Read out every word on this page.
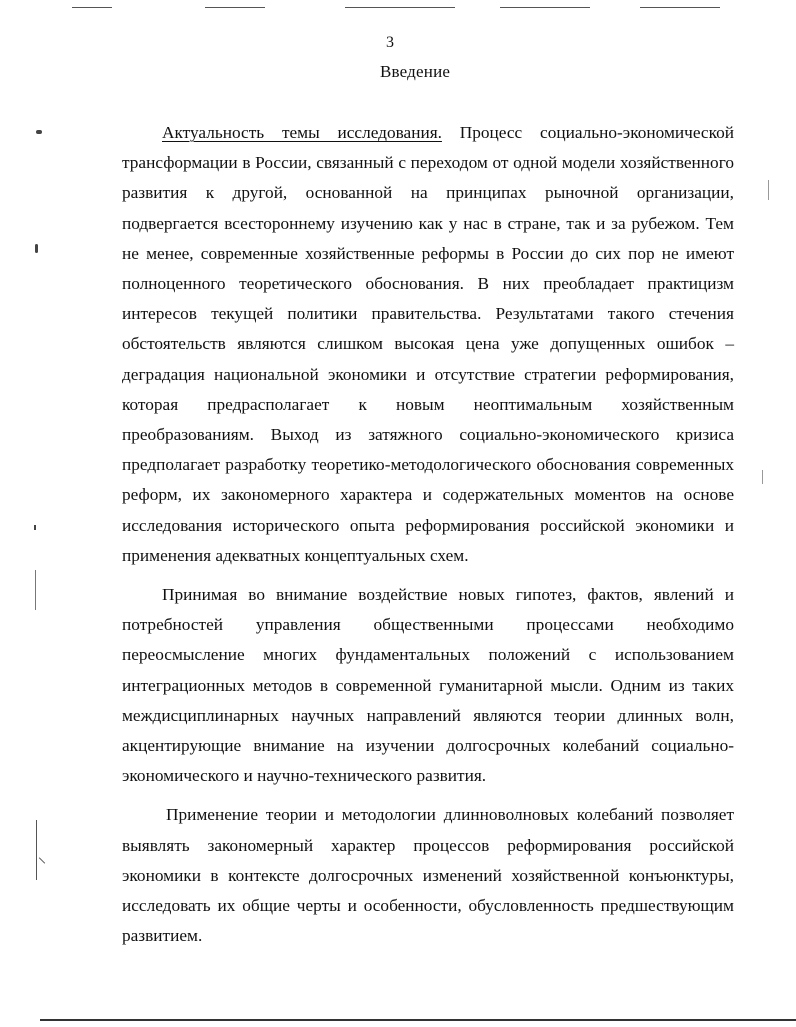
3
Введение

Актуальность темы исследования. Процесс социально-экономической трансформации в России, связанный с переходом от одной модели хозяйственного развития к другой, основанной на принципах рыночной организации, подвергается всестороннему изучению как у нас в стране, так и за рубежом. Тем не менее, современные хозяйственные реформы в России до сих пор не имеют полноценного теоретического обоснования. В них преобладает практицизм интересов текущей политики правительства. Результатами такого стечения обстоятельств являются слишком высокая цена уже допущенных ошибок – деградация национальной экономики и отсутствие стратегии реформирования, которая предрасполагает к новым неоптимальным хозяйственным преобразованиям. Выход из затяжного социально-экономического кризиса предполагает разработку теоретико-методологического обоснования современных реформ, их закономерного характера и содержательных моментов на основе исследования исторического опыта реформирования российской экономики и применения адекватных концептуальных схем.

Принимая во внимание воздействие новых гипотез, фактов, явлений и потребностей управления общественными процессами необходимо переосмысление многих фундаментальных положений с использованием интеграционных методов в современной гуманитарной мысли. Одним из таких междисциплинарных научных направлений являются теории длинных волн, акцентирующие внимание на изучении долгосрочных колебаний социально-экономического и научно-технического развития.

Применение теории и методологии длинноволновых колебаний позволяет выявлять закономерный характер процессов реформирования российской экономики в контексте долгосрочных изменений хозяйственной конъюнктуры, исследовать их общие черты и особенности, обусловленность предшествующим развитием.
